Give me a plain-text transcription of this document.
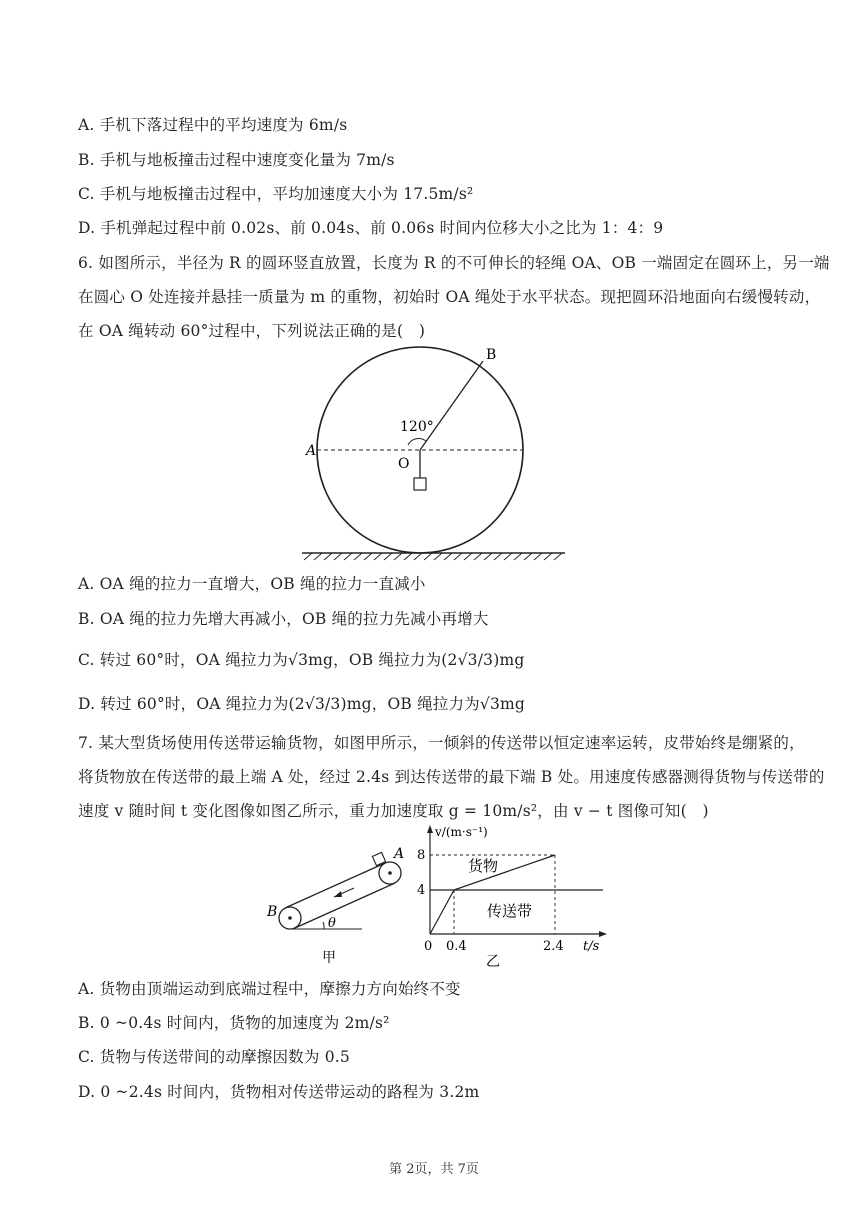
A. 手机下落过程中的平均速度为 6m/s
B. 手机与地板撞击过程中速度变化量为 7m/s
C. 手机与地板撞击过程中，平均加速度大小为 17.5m/s²
D. 手机弹起过程中前 0.02s、前 0.04s、前 0.06s 时间内位移大小之比为 1：4：9
6. 如图所示，半径为 R 的圆环竖直放置，长度为 R 的不可伸长的轻绳 OA、OB 一端固定在圆环上，另一端
在圆心 O 处连接并悬挂一质量为 m 的重物，初始时 OA 绳处于水平状态。现把圆环沿地面向右缓慢转动，
在 OA 绳转动 60°过程中，下列说法正确的是(　)
120°
B
A
O
A. OA 绳的拉力一直增大，OB 绳的拉力一直减小
B. OA 绳的拉力先增大再减小，OB 绳的拉力先减小再增大
C. 转过 60°时，OA 绳拉力为√3mg，OB 绳拉力为(2√3/3)mg
D. 转过 60°时，OA 绳拉力为(2√3/3)mg，OB 绳拉力为√3mg
7. 某大型货场使用传送带运输货物，如图甲所示，一倾斜的传送带以恒定速率运转，皮带始终是绷紧的，
将货物放在传送带的最上端 A 处，经过 2.4s 到达传送带的最下端 B 处。用速度传感器测得货物与传送带的
速度 v 随时间 t 变化图像如图乙所示，重力加速度取 g = 10m/s²，由 v − t 图像可知(　)
θ
A
B
甲
v/(m·s⁻¹)
t/s
8
4
0 0.4	2.4
货物
传送带
乙
A. 货物由顶端运动到底端过程中，摩擦力方向始终不变
B. 0 ~0.4s 时间内，货物的加速度为 2m/s²
C. 货物与传送带间的动摩擦因数为 0.5
D. 0 ~2.4s 时间内，货物相对传送带运动的路程为 3.2m
第 2页，共 7页
